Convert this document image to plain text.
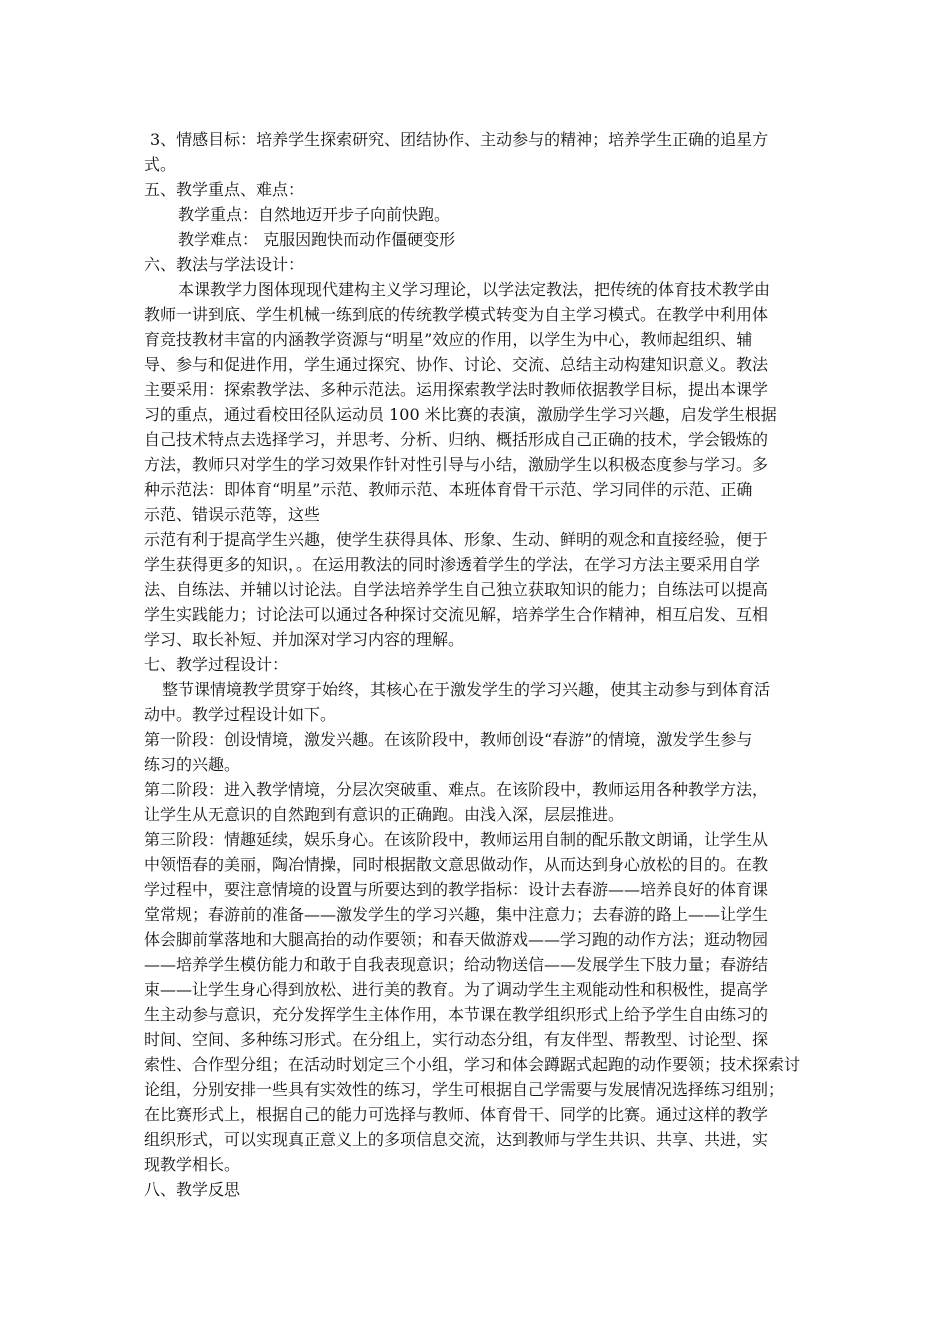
3、情感目标：培养学生探索研究、团结协作、主动参与的精神；培养学生正确的追星方
式。
五、教学重点、难点：
教学重点：自然地迈开步子向前快跑。
教学难点： 克服因跑快而动作僵硬变形
六、教法与学法设计：
本课教学力图体现现代建构主义学习理论，以学法定教法，把传统的体育技术教学由
教师一讲到底、学生机械一练到底的传统教学模式转变为自主学习模式。在教学中利用体
育竞技教材丰富的内涵教学资源与“明星”效应的作用，以学生为中心，教师起组织、辅
导、参与和促进作用，学生通过探究、协作、讨论、交流、总结主动构建知识意义。教法
主要采用：探索教学法、多种示范法。运用探索教学法时教师依据教学目标，提出本课学
习的重点，通过看校田径队运动员 100 米比赛的表演，激励学生学习兴趣，启发学生根据
自己技术特点去选择学习，并思考、分析、归纳、概括形成自己正确的技术，学会锻炼的
方法，教师只对学生的学习效果作针对性引导与小结，激励学生以积极态度参与学习。多
种示范法：即体育“明星”示范、教师示范、本班体育骨干示范、学习同伴的示范、正确
示范、错误示范等，这些
示范有利于提高学生兴趣，使学生获得具体、形象、生动、鲜明的观念和直接经验，便于
学生获得更多的知识，。在运用教法的同时渗透着学生的学法，在学习方法主要采用自学
法、自练法、并辅以讨论法。自学法培养学生自己独立获取知识的能力；自练法可以提高
学生实践能力；讨论法可以通过各种探讨交流见解，培养学生合作精神，相互启发、互相
学习、取长补短、并加深对学习内容的理解。
七、教学过程设计：
整节课情境教学贯穿于始终，其核心在于激发学生的学习兴趣，使其主动参与到体育活
动中。教学过程设计如下。
第一阶段：创设情境，激发兴趣。在该阶段中，教师创设“春游”的情境，激发学生参与
练习的兴趣。
第二阶段：进入教学情境，分层次突破重、难点。在该阶段中，教师运用各种教学方法，
让学生从无意识的自然跑到有意识的正确跑。由浅入深，层层推进。
第三阶段：情趣延续，娱乐身心。在该阶段中，教师运用自制的配乐散文朗诵，让学生从
中领悟春的美丽，陶冶情操，同时根据散文意思做动作，从而达到身心放松的目的。在教
学过程中，要注意情境的设置与所要达到的教学指标：设计去春游——培养良好的体育课
堂常规；春游前的准备——激发学生的学习兴趣，集中注意力；去春游的路上——让学生
体会脚前掌落地和大腿高抬的动作要领；和春天做游戏——学习跑的动作方法；逛动物园
——培养学生模仿能力和敢于自我表现意识；给动物送信——发展学生下肢力量；春游结
束——让学生身心得到放松、进行美的教育。为了调动学生主观能动性和积极性，提高学
生主动参与意识，充分发挥学生主体作用，本节课在教学组织形式上给予学生自由练习的
时间、空间、多种练习形式。在分组上，实行动态分组，有友伴型、帮教型、讨论型、探
索性、合作型分组；在活动时划定三个小组，学习和体会蹲踞式起跑的动作要领；技术探索讨
论组，分别安排一些具有实效性的练习，学生可根据自己学需要与发展情况选择练习组别；
在比赛形式上，根据自己的能力可选择与教师、体育骨干、同学的比赛。通过这样的教学
组织形式，可以实现真正意义上的多项信息交流，达到教师与学生共识、共享、共进，实
现教学相长。
八、教学反思
